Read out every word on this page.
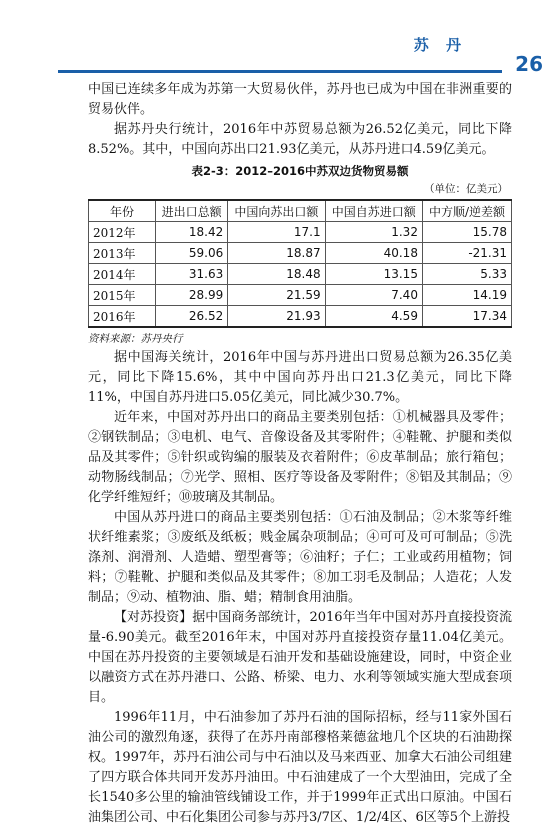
苏 丹
26

中国已连续多年成为苏第一大贸易伙伴，苏丹也已成为中国在非洲重要的贸易伙伴。

据苏丹央行统计，2016年中苏贸易总额为26.52亿美元，同比下降8.52%。其中，中国向苏出口21.93亿美元，从苏丹进口4.59亿美元。

表2-3：2012–2016中苏双边货物贸易额
（单位：亿美元）
年份	进出口总额	中国向苏出口额	中国自苏进口额	中方顺/逆差额
2012年	18.42	17.1	1.32	15.78
2013年	59.06	18.87	40.18	-21.31
2014年	31.63	18.48	13.15	5.33
2015年	28.99	21.59	7.40	14.19
2016年	26.52	21.93	4.59	17.34
资料来源：苏丹央行

据中国海关统计，2016年中国与苏丹进出口贸易总额为26.35亿美元，同比下降15.6%，其中中国向苏丹出口21.3亿美元，同比下降11%，中国自苏丹进口5.05亿美元，同比减少30.7%。

近年来，中国对苏丹出口的商品主要类别包括：①机械器具及零件；②钢铁制品；③电机、电气、音像设备及其零附件；④鞋靴、护腿和类似品及其零件；⑤针织或钩编的服装及衣着附件；⑥皮革制品；旅行箱包；动物肠线制品；⑦光学、照相、医疗等设备及零附件；⑧铝及其制品；⑨化学纤维短纤；⑩玻璃及其制品。

中国从苏丹进口的商品主要类别包括：①石油及制品；②木浆等纤维状纤维素浆；③废纸及纸板；贱金属杂项制品；④可可及可可制品；⑤洗涤剂、润滑剂、人造蜡、塑型膏等；⑥油籽；子仁；工业或药用植物；饲料；⑦鞋靴、护腿和类似品及其零件；⑧加工羽毛及制品；人造花；人发制品；⑨动、植物油、脂、蜡；精制食用油脂。

【对苏投资】据中国商务部统计，2016年当年中国对苏丹直接投资流量-6.90美元。截至2016年末，中国对苏丹直接投资存量11.04亿美元。中国在苏丹投资的主要领域是石油开发和基础设施建设，同时，中资企业以融资方式在苏丹港口、公路、桥梁、电力、水利等领域实施大型成套项目。

1996年11月，中石油参加了苏丹石油的国际招标，经与11家外国石油公司的激烈角逐，获得了在苏丹南部穆格莱德盆地几个区块的石油勘探权。1997年，苏丹石油公司与中石油以及马来西亚、加拿大石油公司组建了四方联合体共同开发苏丹油田。中石油建成了一个大型油田，完成了全长1540多公里的输油管线铺设工作，并于1999年正式出口原油。中国石油集团公司、中石化集团公司参与苏丹3/7区、1/2/4区、6区等5个上游投
